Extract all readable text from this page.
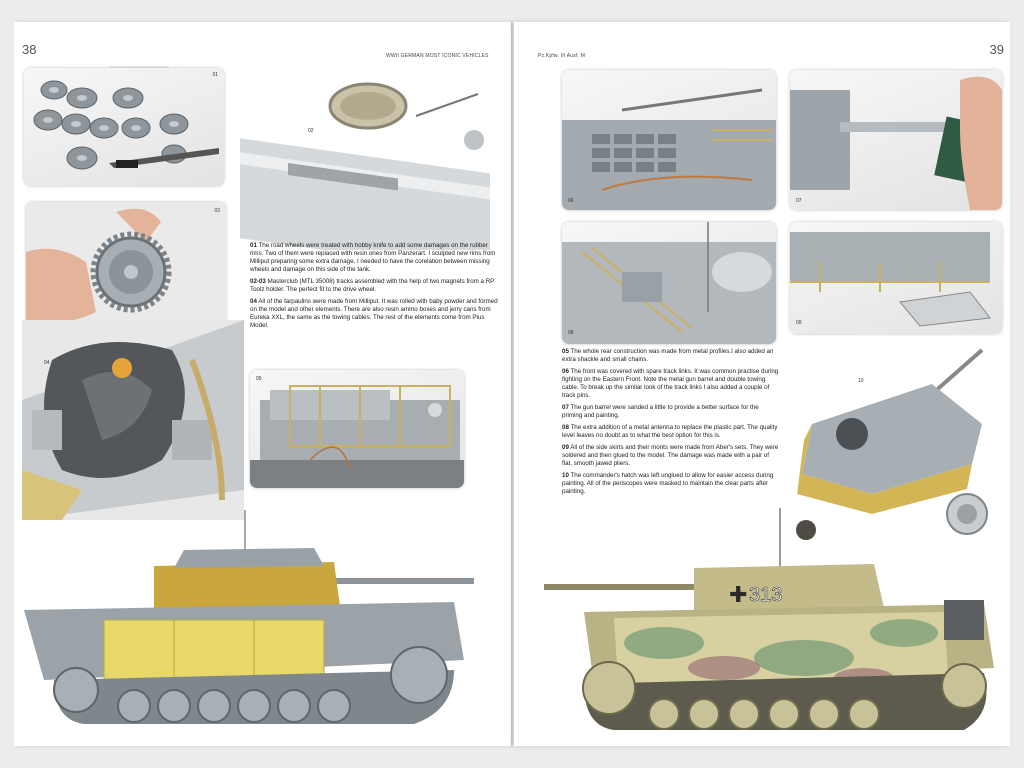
38	WWII GERMAN MOST ICONIC VEHICLES
01
02
03
04

01 The road wheels were treated with hobby knife to add some damages on the rubber rims. Two of them were replaced with resin ones from Panzerart. I sculpted new rims from Milliput preparing some extra damage. I needed to have the corelation between missing wheels and damage on this side of the tank.

02-03 Masterclub (MTL 35008) tracks assembled with the help of two magnets from a RP Toolz holder. The perfect fit to the drive wheel.

04 All of the tarpaulins were made from Milliput. It was rolled with baby powder and formed on the model and other elements. There are also resin ammo boxes and jerry cans from Eureka XXL, the same as the towing cables. The rest of the elements come from Plus Model.

05
39
Pz.Kpfw. III Ausf. M
06	07
08
09

05 The whole rear construction was made from metal profiles.I also added an extra shackle and small chains.

06 The front was covered with spare track links. It was common practise during fighting on the Eastern Front. Note the metal gun barrel and double towing cable. To break up the similar look of the track links I also added a couple of track pins.

07 The gun barrel were sanded a little to provide a better surface for the priming and painting.

08 The extra addition of a metal antenna to replace the plastic part. The quality level leaves no doubt as to what the best option for this is.

09 All of the side skirts and their monts were made from Aber's sets. They were soldered and then glued to the model. The damage was made with a pair of flat, smooth jawed pliers.

10 The commander's hatch was left unglued to allow for easier access during painting. All of the periscopes were masked to maintain the clear parts after painting.

10
✚ 313
